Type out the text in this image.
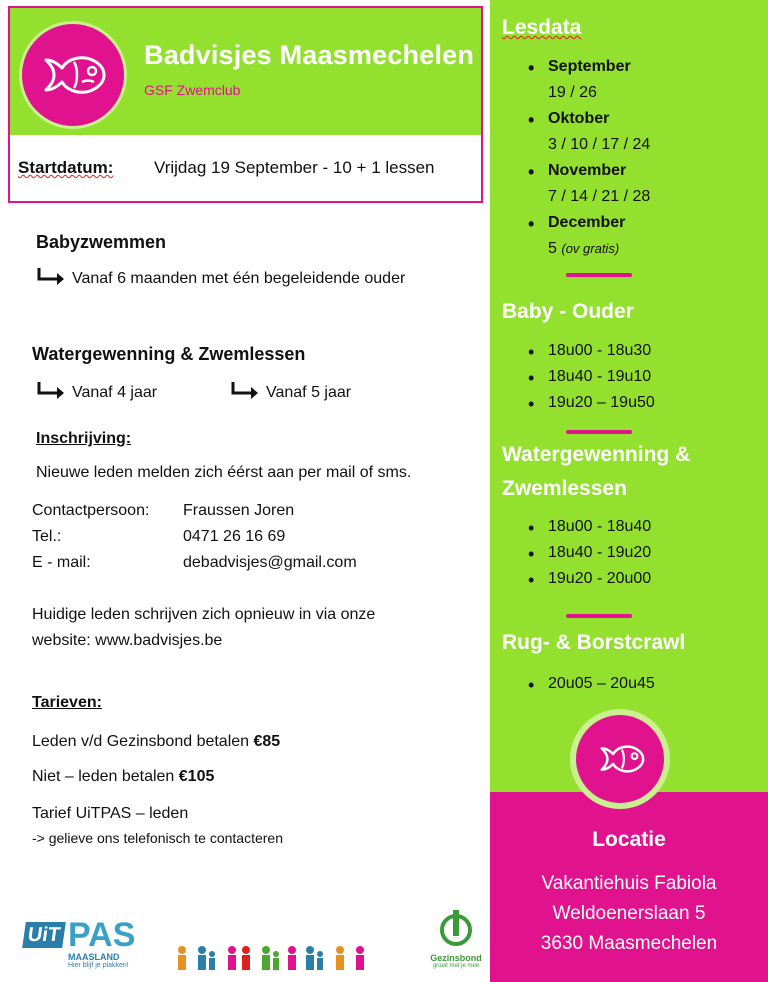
Badvisjes Maasmechelen
GSF Zwemclub
Startdatum: Vrijdag 19 September - 10 + 1 lessen
Babyzwemmen
Vanaf 6 maanden met één begeleidende ouder
Watergewenning & Zwemlessen
Vanaf 4 jaar	Vanaf 5 jaar
Inschrijving:
Nieuwe leden melden zich éérst aan per mail of sms.
Contactpersoon: Fraussen Joren
Tel.:	0471 26 16 69
E - mail:	debadvisjes@gmail.com
Huidige leden schrijven zich opnieuw in via onze
website: www.badvisjes.be
Tarieven:
Leden v/d Gezinsbond betalen €85
Niet – leden betalen €105
Tarief UiTPAS – leden
-> gelieve ons telefonisch te contacteren
UiT PAS
MAASLAND
Hier blijf je plakken!
Gezinsbond
groeit met je mee
Lesdata
• September
19 / 26
• Oktober
3 / 10 / 17 / 24
• November
7 / 14 / 21 / 28
• December
5 (ov gratis)
Baby - Ouder
• 18u00 - 18u30
• 18u40 - 19u10
• 19u20 – 19u50
Watergewenning &
Zwemlessen
• 18u00 - 18u40
• 18u40 - 19u20
• 19u20 - 20u00
Rug- & Borstcrawl
• 20u05 – 20u45
Locatie
Vakantiehuis Fabiola
Weldoenerslaan 5
3630 Maasmechelen
